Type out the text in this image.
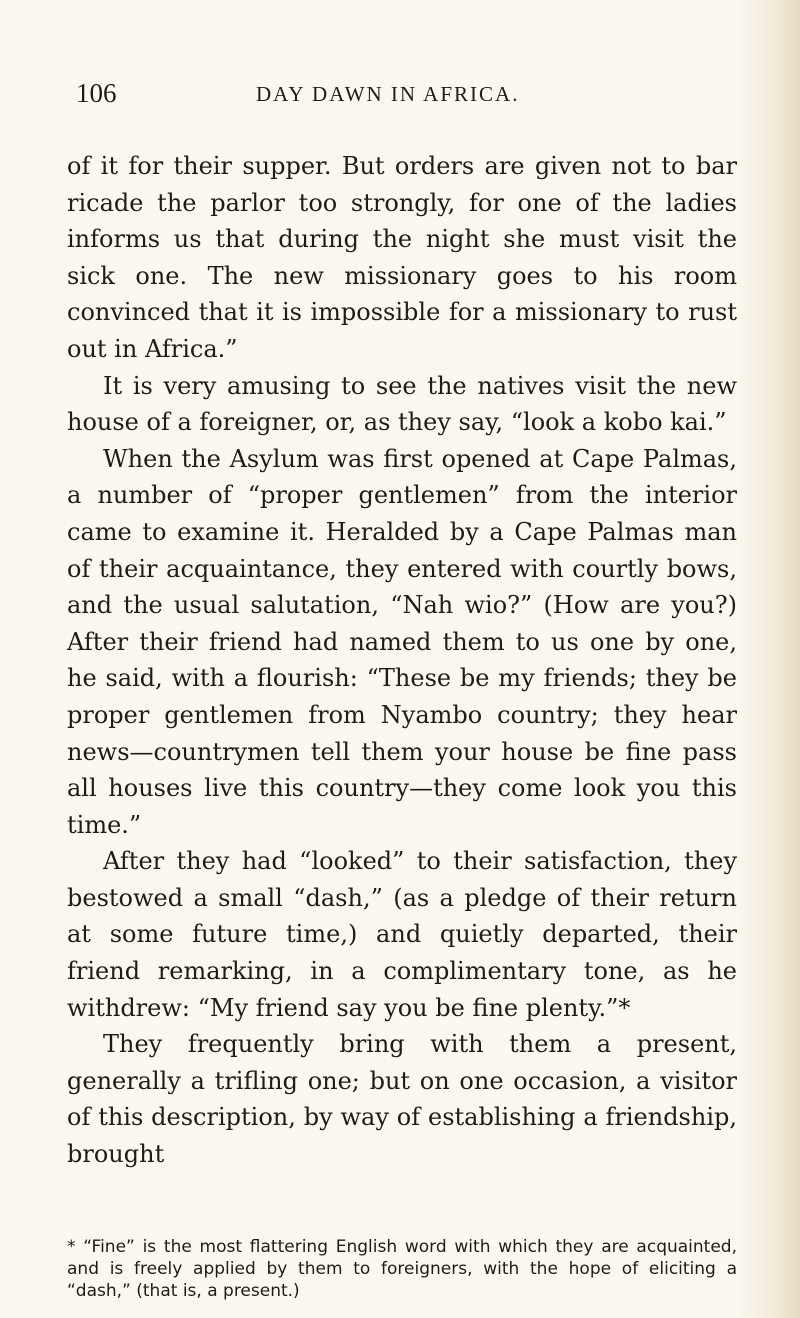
106	DAY DAWN IN AFRICA.

of it for their supper. But orders are given not to bar ricade the parlor too strongly, for one of the ladies informs us that during the night she must visit the sick one. The new missionary goes to his room convinced that it is impossible for a missionary to rust out in Africa.”

It is very amusing to see the natives visit the new house of a foreigner, or, as they say, “look a kobo kai.”

When the Asylum was first opened at Cape Palmas, a number of “proper gentlemen” from the interior came to examine it. Heralded by a Cape Palmas man of their acquaintance, they entered with courtly bows, and the usual salutation, “Nah wio?” (How are you?) After their friend had named them to us one by one, he said, with a flourish: “These be my friends; they be proper gentlemen from Nyambo country; they hear news—countrymen tell them your house be fine pass all houses live this country—they come look you this time.”

After they had “looked” to their satisfaction, they bestowed a small “dash,” (as a pledge of their return at some future time,) and quietly departed, their friend remarking, in a complimentary tone, as he withdrew: “My friend say you be fine plenty.”*

They frequently bring with them a present, generally a trifling one; but on one occasion, a visitor of this description, by way of establishing a friendship, brought

* “Fine” is the most flattering English word with which they are acquainted, and is freely applied by them to foreigners, with the hope of eliciting a “dash,” (that is, a present.)
